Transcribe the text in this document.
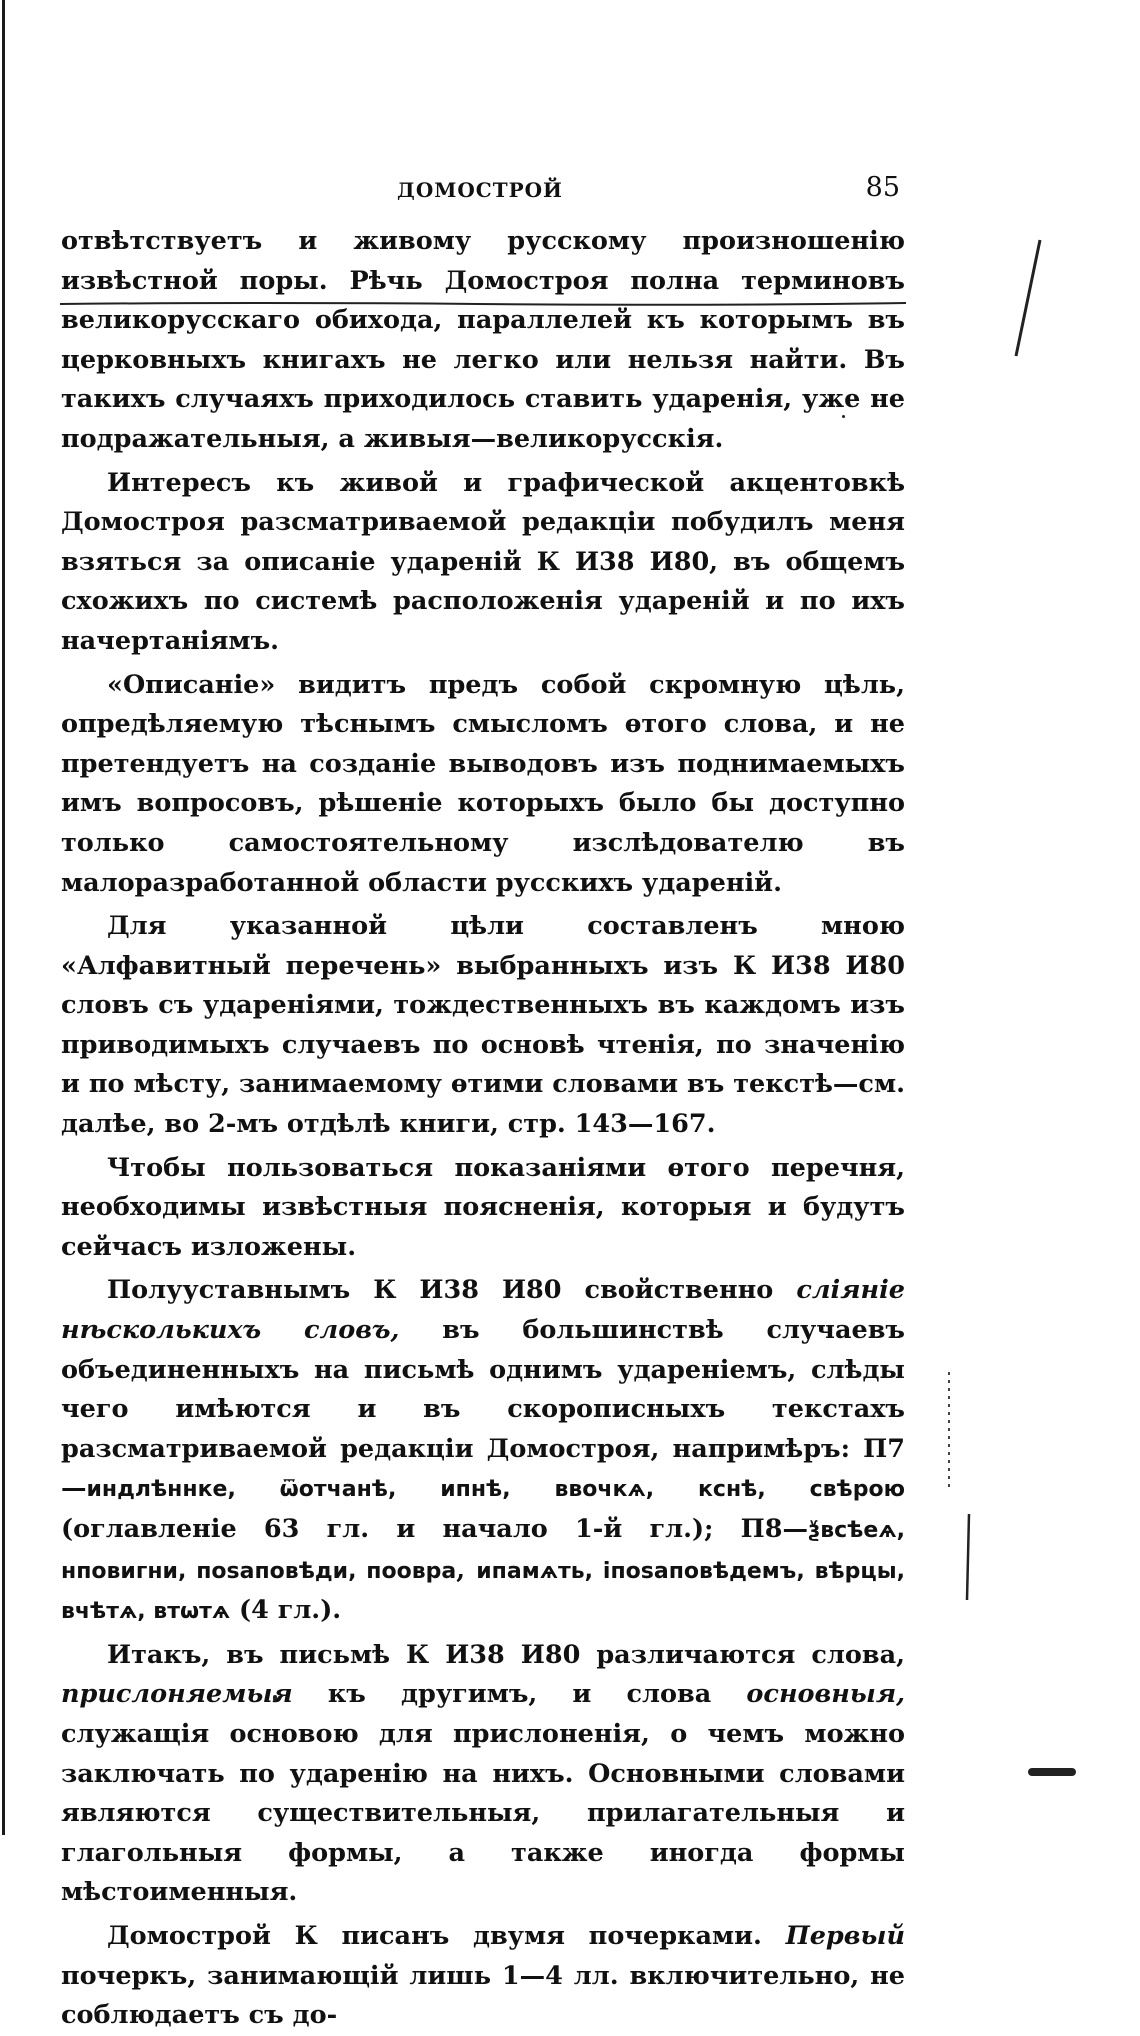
ДОМОСТРОЙ	85

отвѣтствуетъ и живому русскому произношенію извѣстной поры. Рѣчь Домостроя полна терминовъ великорусскаго обихода, параллелей къ которымъ въ церковныхъ книгахъ не легко или нельзя найти. Въ такихъ случаяхъ приходилось ставить ударенія, уже не подражательныя, а живыя—великорусскія.

Интересъ къ живой и графической акцентовкѣ Домостроя разсматриваемой редакціи побудилъ меня взяться за описаніе удареній К И38 И80, въ общемъ схожихъ по системѣ расположенія удареній и по ихъ начертаніямъ.

«Описаніе» видитъ предъ собой скромную цѣль, опредѣляемую тѣснымъ смысломъ ѳтого слова, и не претендуетъ на созданіе выводовъ изъ поднимаемыхъ имъ вопросовъ, рѣшеніе которыхъ было бы доступно только самостоятельному изслѣдователю въ малоразработанной области русскихъ удареній.

Для указанной цѣли составленъ мною «Алфавитный перечень» выбранныхъ изъ К И38 И80 словъ съ удареніями, тождественныхъ въ каждомъ изъ приводимыхъ случаевъ по основѣ чтенія, по значенію и по мѣсту, занимаемому ѳтими словами въ текстѣ—см. далѣе, во 2-мъ отдѣлѣ книги, стр. 143—167.

Чтобы пользоваться показаніями ѳтого перечня, необходимы извѣстныя поясненія, которыя и будутъ сейчасъ изложены.

Полууставнымъ К И38 И80 свойственно сліяніе нѣсколькихъ словъ, въ большинствѣ случаевъ объединенныхъ на письмѣ однимъ удареніемъ, слѣды чего имѣются и въ скорописныхъ текстахъ разсматриваемой редакціи Домостроя, напримѣръ: П7—индлѣннке, ѿотчанѣ, ипнѣ, ввочкѧ, кснѣ, свѣрою (оглавленіе 63 гл. и начало 1-й гл.); П8—ѯвсѣеѧ, нповигни, поѕаповѣди, поовра, ипамѧть, іпоѕаповѣдемъ, вѣрцы, вчѣтѧ, втѡтѧ (4 гл.).

Итакъ, въ письмѣ К И38 И80 различаются слова, прислоняемыя къ другимъ, и слова основныя, служащія основою для прислоненія, о чемъ можно заключать по ударенію на нихъ. Основными словами являются существительныя, прилагательныя и глагольныя формы, а также иногда формы мѣстоименныя.

Домострой К писанъ двумя почерками. Первый почеркъ, занимающій лишь 1—4 лл. включительно, не соблюдаетъ съ до-
